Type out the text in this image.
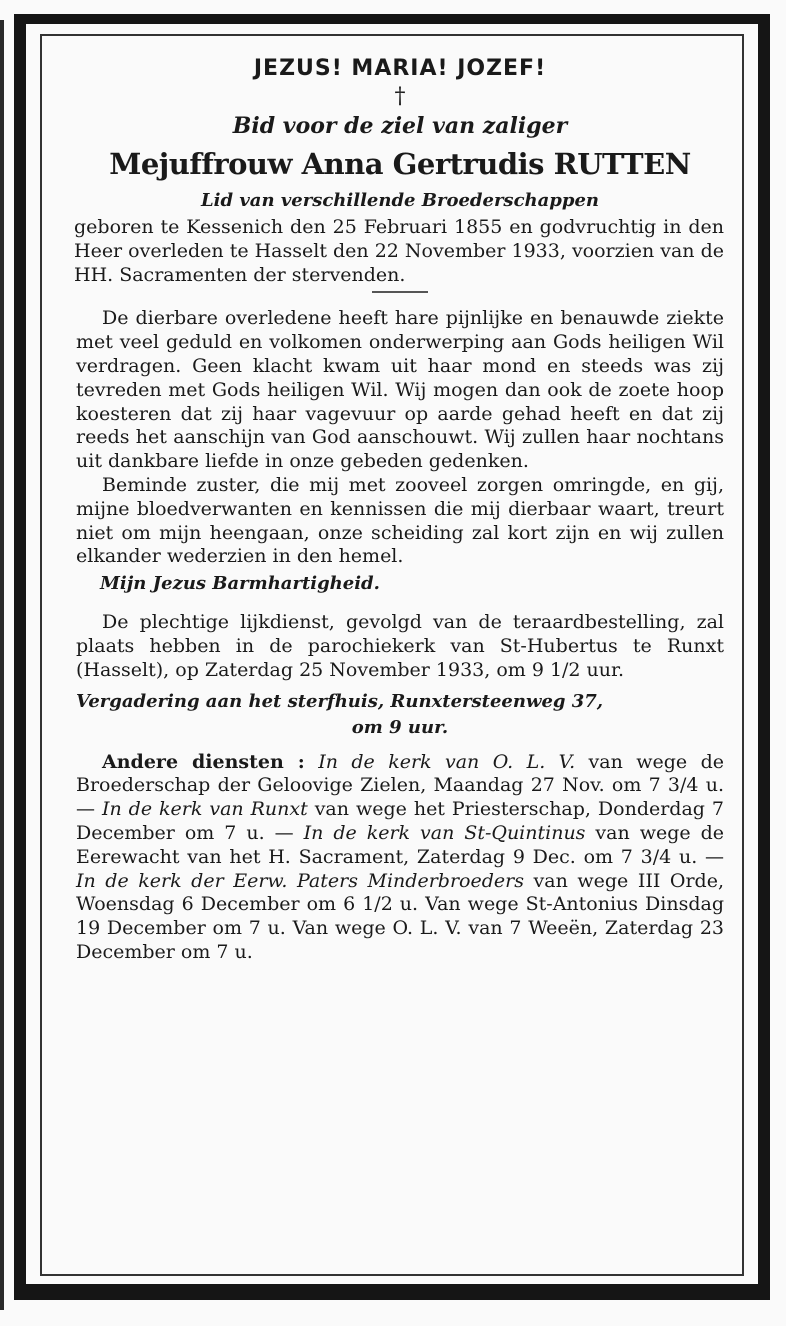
JEZUS! MARIA! JOZEF!

†

Bid voor de ziel van zaliger

Mejuffrouw Anna Gertrudis RUTTEN

Lid van verschillende Broederschappen

geboren te Kessenich den 25 Februari 1855 en godvruchtig in den Heer overleden te Hasselt den 22 November 1933, voorzien van de HH. Sacramenten der stervenden.

De dierbare overledene heeft hare pijnlijke en benauwde ziekte met veel geduld en volkomen onderwerping aan Gods heiligen Wil verdragen. Geen klacht kwam uit haar mond en steeds was zij tevreden met Gods heiligen Wil. Wij mogen dan ook de zoete hoop koesteren dat zij haar vagevuur op aarde gehad heeft en dat zij reeds het aanschijn van God aanschouwt. Wij zullen haar nochtans uit dankbare liefde in onze gebeden gedenken.

Beminde zuster, die mij met zooveel zorgen omringde, en gij, mijne bloedverwanten en kennissen die mij dierbaar waart, treurt niet om mijn heengaan, onze scheiding zal kort zijn en wij zullen elkander wederzien in den hemel.

Mijn Jezus Barmhartigheid.

De plechtige lijkdienst, gevolgd van de teraardbestelling, zal plaats hebben in de parochiekerk van St-Hubertus te Runxt (Hasselt), op Zaterdag 25 November 1933, om 9 1/2 uur.

Vergadering aan het sterfhuis, Runxtersteenweg 37,

om 9 uur.

Andere diensten : In de kerk van O. L. V. van wege de Broederschap der Geloovige Zielen, Maandag 27 Nov. om 7 3/4 u. — In de kerk van Runxt van wege het Priesterschap, Donderdag 7 December om 7 u. — In de kerk van St-Quintinus van wege de Eerewacht van het H. Sacrament, Zaterdag 9 Dec. om 7 3/4 u. — In de kerk der Eerw. Paters Minderbroeders van wege III Orde, Woensdag 6 December om 6 1/2 u. Van wege St-Antonius Dinsdag 19 December om 7 u. Van wege O. L. V. van 7 Weeën, Zaterdag 23 December om 7 u.
